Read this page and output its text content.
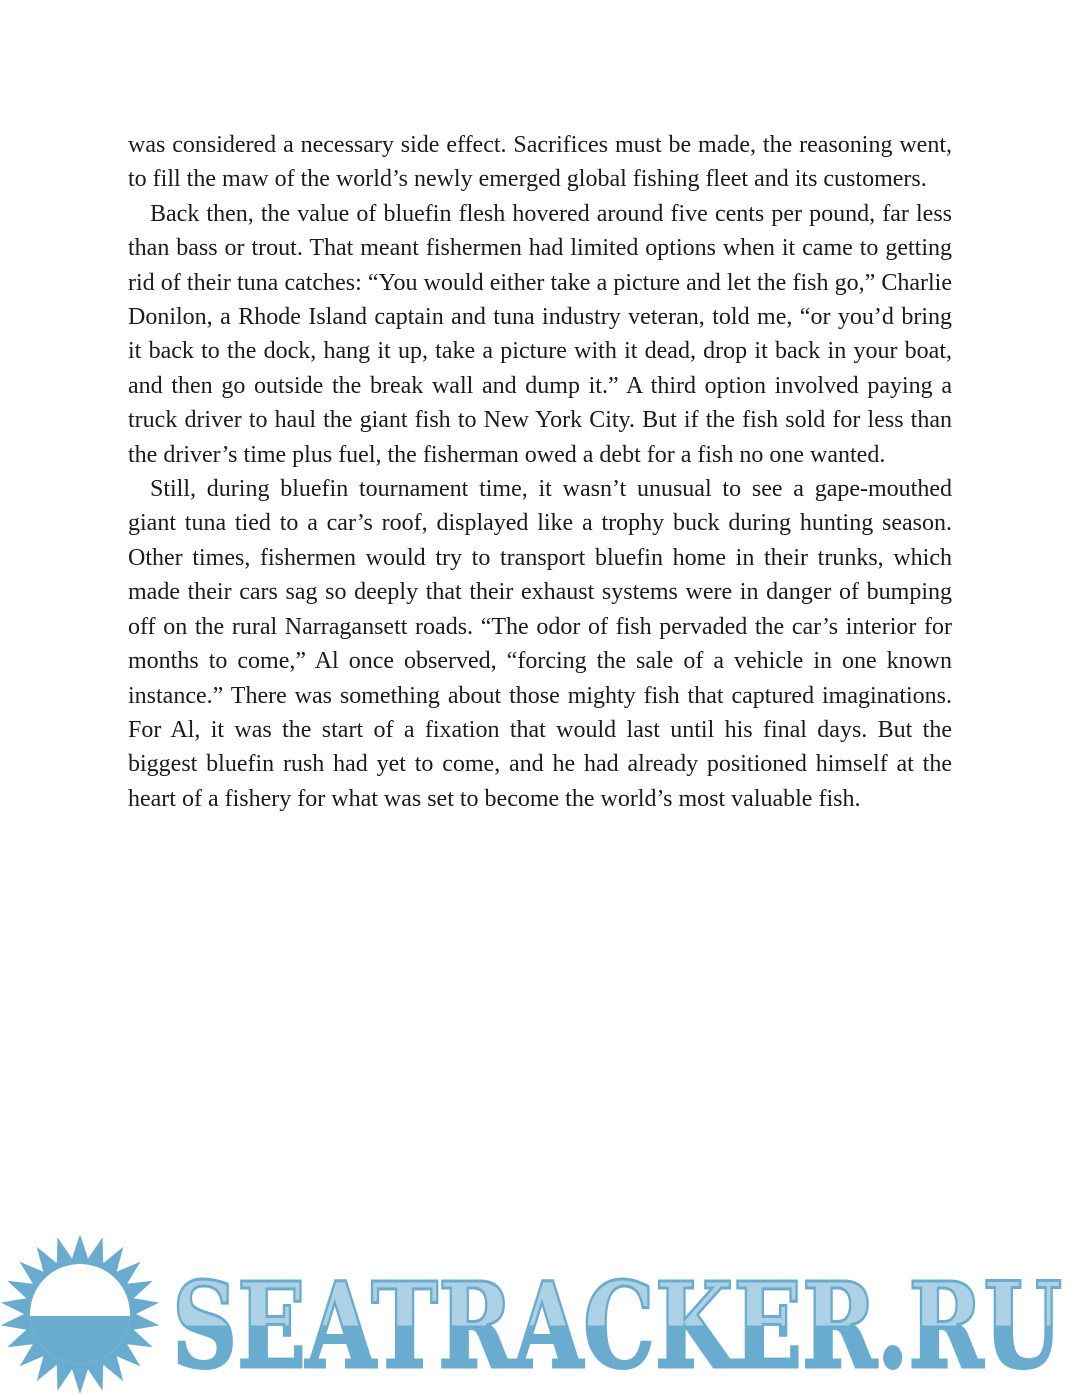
was considered a necessary side effect. Sacrifices must be made, the reasoning went, to fill the maw of the world’s newly emerged global fishing fleet and its customers.

Back then, the value of bluefin flesh hovered around five cents per pound, far less than bass or trout. That meant fishermen had limited options when it came to getting rid of their tuna catches: “You would either take a picture and let the fish go,” Charlie Donilon, a Rhode Island captain and tuna industry veteran, told me, “or you’d bring it back to the dock, hang it up, take a picture with it dead, drop it back in your boat, and then go outside the break wall and dump it.” A third option involved paying a truck driver to haul the giant fish to New York City. But if the fish sold for less than the driver’s time plus fuel, the fisherman owed a debt for a fish no one wanted.

Still, during bluefin tournament time, it wasn’t unusual to see a gape-mouthed giant tuna tied to a car’s roof, displayed like a trophy buck during hunting season. Other times, fishermen would try to transport bluefin home in their trunks, which made their cars sag so deeply that their exhaust systems were in danger of bumping off on the rural Narragansett roads. “The odor of fish pervaded the car’s interior for months to come,” Al once observed, “forcing the sale of a vehicle in one known instance.” There was something about those mighty fish that captured imaginations. For Al, it was the start of a fixation that would last until his final days. But the biggest bluefin rush had yet to come, and he had already positioned himself at the heart of a fishery for what was set to become the world’s most valuable fish.

SEATRACKER.RU
